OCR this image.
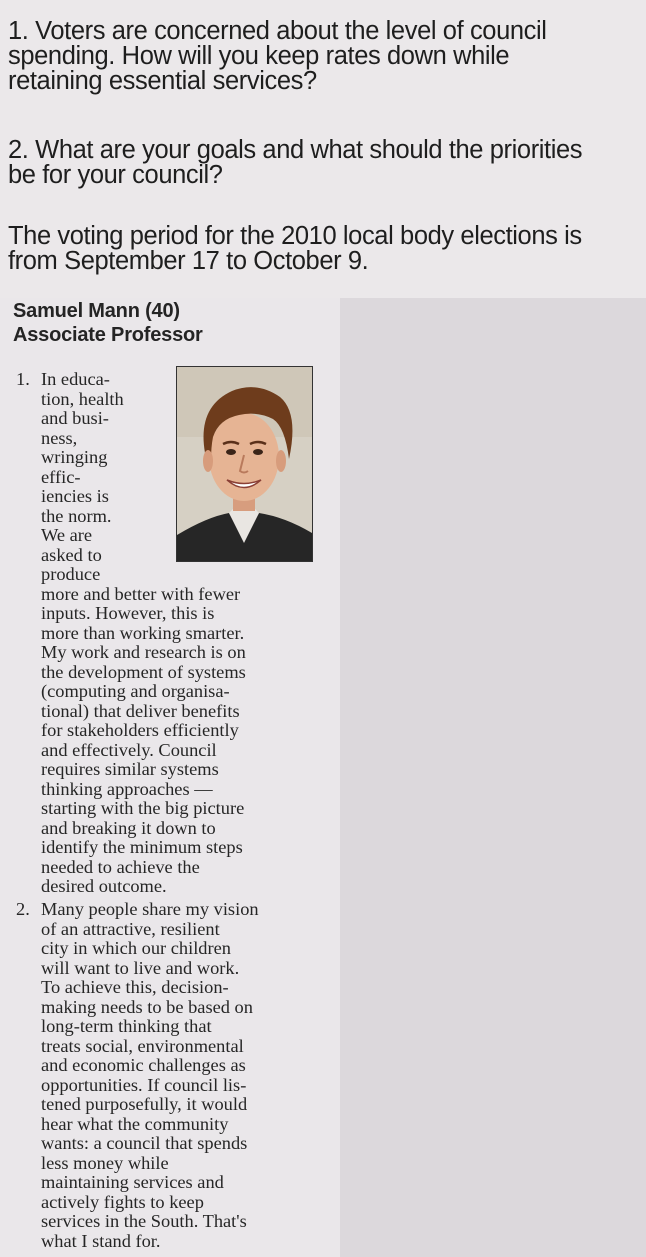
1. Voters are concerned about the level of council
spending. How will you keep rates down while
retaining essential services?

2. What are your goals and what should the priorities
be for your council?

The voting period for the 2010 local body elections is
from September 17 to October 9.

Samuel Mann (40)
Associate Professor
1. In educa-
tion, health
and busi-
ness,
wringing
effic-
iencies is
the norm.
We are
asked to
produce
more and better with fewer
inputs. However, this is
more than working smarter.
My work and research is on
the development of systems
(computing and organisa-
tional) that deliver benefits
for stakeholders efficiently
and effectively. Council
requires similar systems
thinking approaches —
starting with the big picture
and breaking it down to
identify the minimum steps
needed to achieve the
desired outcome.
2. Many people share my vision
of an attractive, resilient
city in which our children
will want to live and work.
To achieve this, decision-
making needs to be based on
long-term thinking that
treats social, environmental
and economic challenges as
opportunities. If council lis-
tened purposefully, it would
hear what the community
wants: a council that spends
less money while
maintaining services and
actively fights to keep
services in the South. That's
what I stand for.
